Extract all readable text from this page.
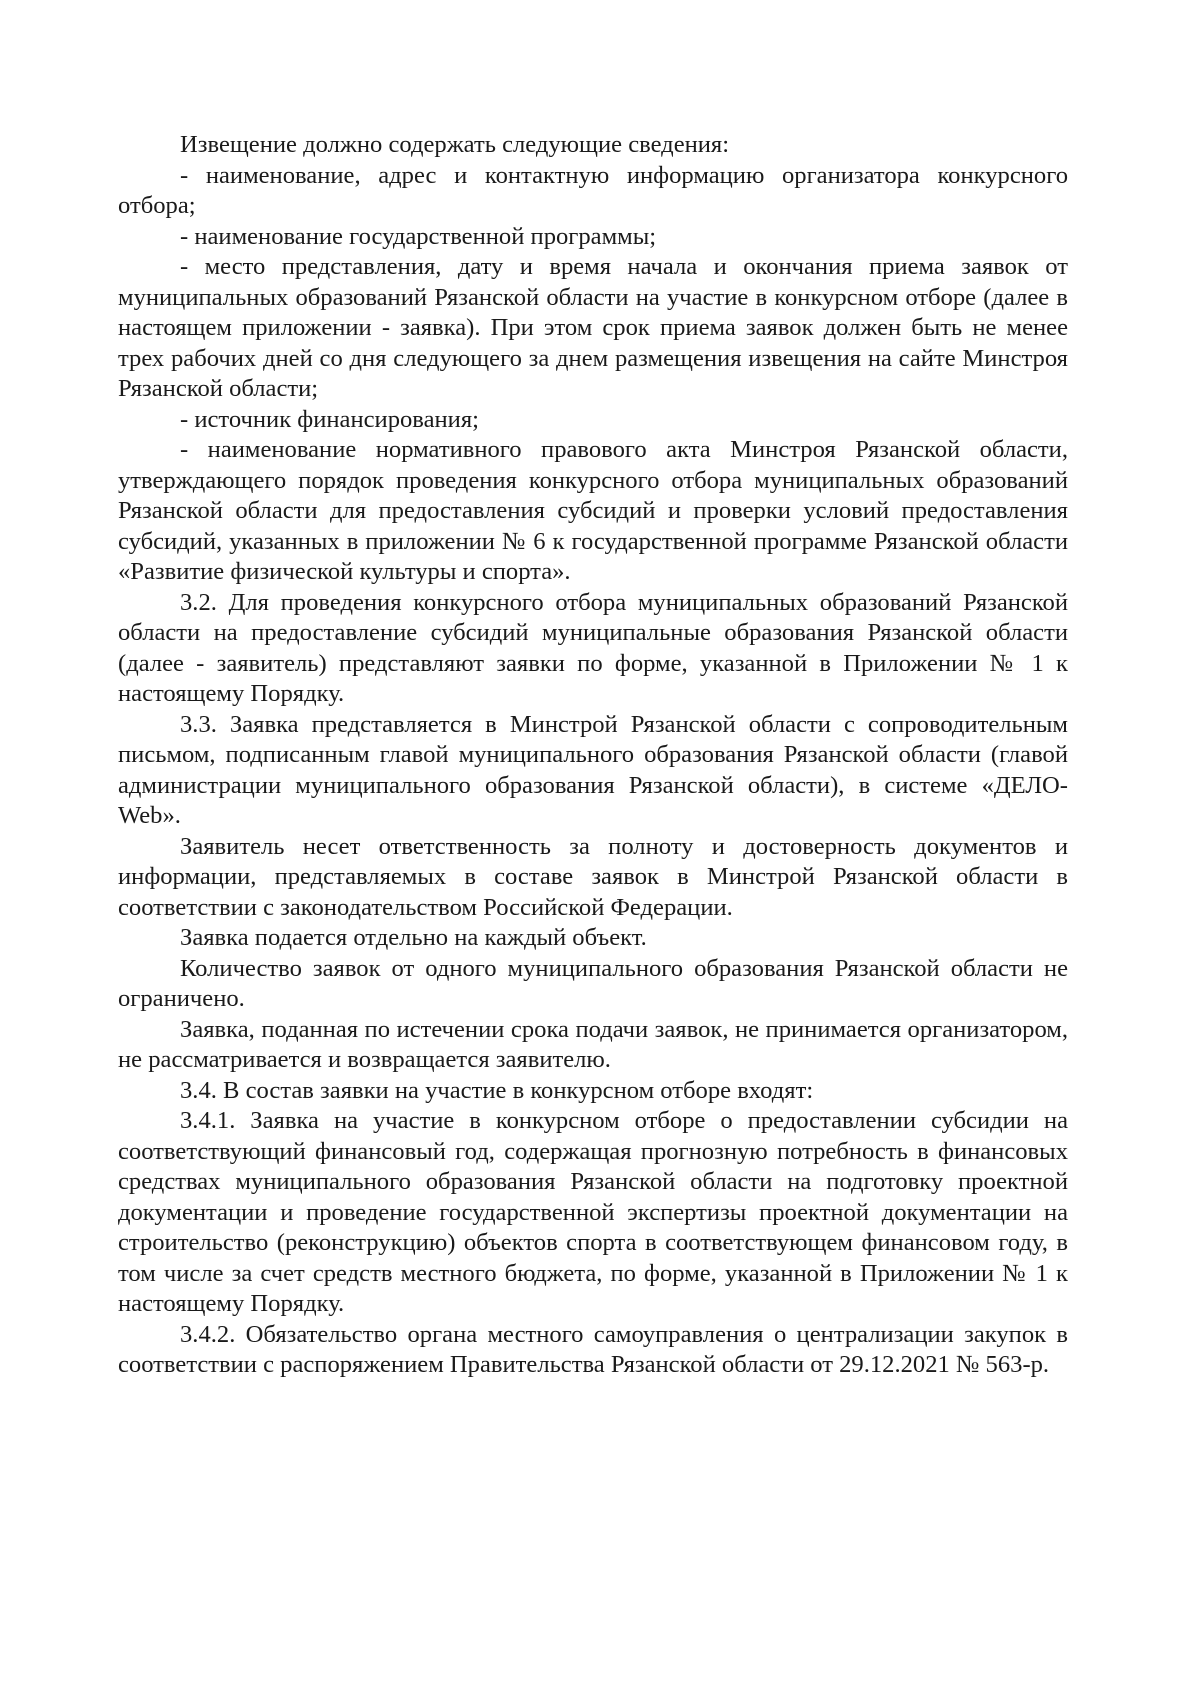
Извещение должно содержать следующие сведения:

- наименование, адрес и контактную информацию организатора конкурсного отбора;

- наименование государственной программы;

- место представления, дату и время начала и окончания приема заявок от муниципальных образований Рязанской области на участие в конкурсном отборе (далее в настоящем приложении - заявка). При этом срок приема заявок должен быть не менее трех рабочих дней со дня следующего за днем размещения извещения на сайте Минстроя Рязанской области;

- источник финансирования;

- наименование нормативного правового акта Минстроя Рязанской области, утверждающего порядок проведения конкурсного отбора муниципальных образований Рязанской области для предоставления субсидий и проверки условий предоставления субсидий, указанных в приложении № 6 к государственной программе Рязанской области «Развитие физической культуры и спорта».

3.2. Для проведения конкурсного отбора муниципальных образований Рязанской области на предоставление субсидий муниципальные образования Рязанской области (далее - заявитель) представляют заявки по форме, указанной в Приложении № 1 к настоящему Порядку.

3.3. Заявка представляется в Минстрой Рязанской области с сопроводительным письмом, подписанным главой муниципального образования Рязанской области (главой администрации муниципального образования Рязанской области), в системе «ДЕЛО-Web».

Заявитель несет ответственность за полноту и достоверность документов и информации, представляемых в составе заявок в Минстрой Рязанской области в соответствии с законодательством Российской Федерации.

Заявка подается отдельно на каждый объект.

Количество заявок от одного муниципального образования Рязанской области не ограничено.

Заявка, поданная по истечении срока подачи заявок, не принимается организатором, не рассматривается и возвращается заявителю.

3.4. В состав заявки на участие в конкурсном отборе входят:

3.4.1. Заявка на участие в конкурсном отборе о предоставлении субсидии на соответствующий финансовый год, содержащая прогнозную потребность в финансовых средствах муниципального образования Рязанской области на подготовку проектной документации и проведение государственной экспертизы проектной документации на строительство (реконструкцию) объектов спорта в соответствующем финансовом году, в том числе за счет средств местного бюджета, по форме, указанной в Приложении № 1 к настоящему Порядку.

3.4.2. Обязательство органа местного самоуправления о централизации закупок в соответствии с распоряжением Правительства Рязанской области от 29.12.2021 № 563-р.
